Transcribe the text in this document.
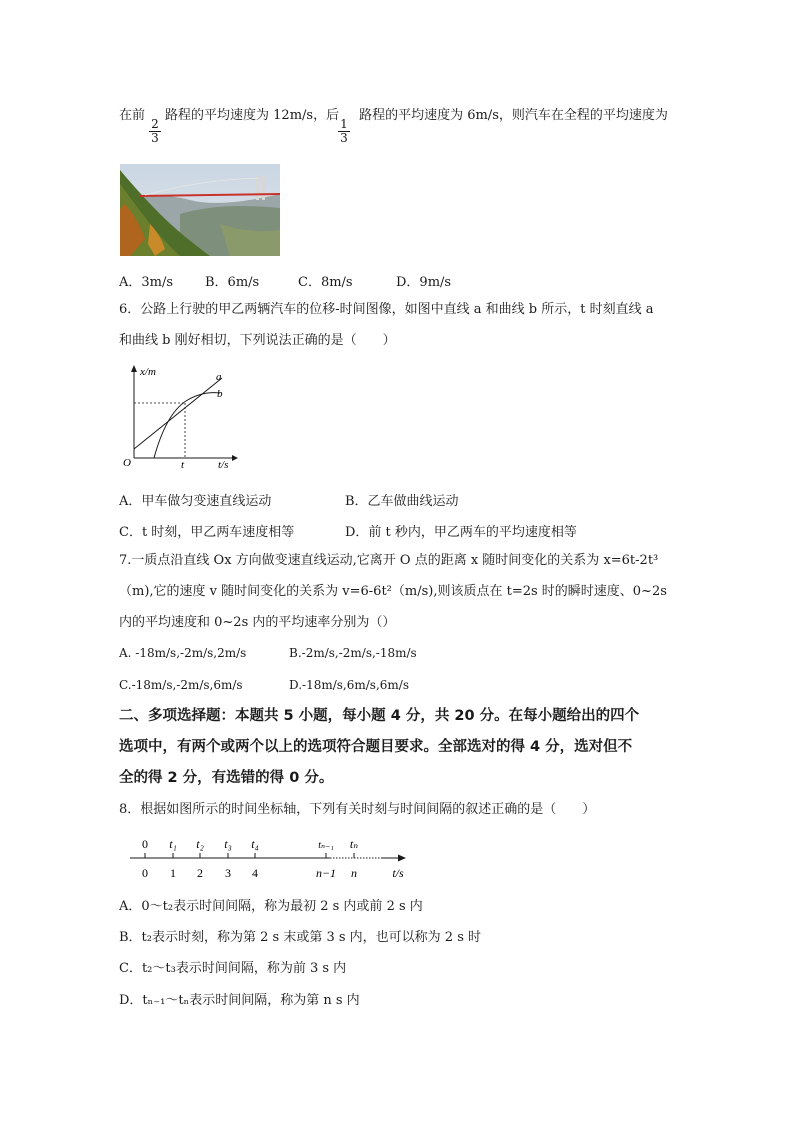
在前 路程的平均速度为 12m/s，后 路程的平均速度为 6m/s，则汽车在全程的平均速度为
$\frac{2}{3}$	$\frac{1}{3}$
A．3m/s B．6m/s	C．8m/s	D．9m/s
6．公路上行驶的甲乙两辆汽车的位移-时间图像，如图中直线 a 和曲线 b 所示，t 时刻直线 a
和曲线 b 刚好相切，下列说法正确的是（　　）
x/m
t/s
O	t
a
b
A．甲车做匀变速直线运动	B．乙车做曲线运动
C．t 时刻，甲乙两车速度相等	D．前 t 秒内，甲乙两车的平均速度相等
7.一质点沿直线 Ox 方向做变速直线运动,它离开 O 点的距离 x 随时间变化的关系为 x=6t-2t³
（m),它的速度 v 随时间变化的关系为 v=6-6t²（m/s),则该质点在 t=2s 时的瞬时速度、0~2s
内的平均速度和 0~2s 内的平均速率分别为（）
A. -18m/s,-2m/s,2m/s	B.-2m/s,-2m/s,-18m/s
C.-18m/s,-2m/s,6m/s	D.-18m/s,6m/s,6m/s
二、多项选择题：本题共 5 小题，每小题 4 分，共 20 分。在每小题给出的四个
选项中，有两个或两个以上的选项符合题目要求。全部选对的得 4 分，选对但不
全的得 2 分，有选错的得 0 分。
8．根据如图所示的时间坐标轴，下列有关时刻与时间间隔的叙述正确的是（　　）
0 t₁ t₂ t₃ t₄	tₙ₋₁ tₙ
0 1 2 3 4	n−1 n	t/s
A．0～t₂表示时间间隔，称为最初 2 s 内或前 2 s 内
B．t₂表示时刻，称为第 2 s 末或第 3 s 内，也可以称为 2 s 时
C．t₂～t₃表示时间间隔，称为前 3 s 内
D．tₙ₋₁～tₙ表示时间间隔，称为第 n s 内
